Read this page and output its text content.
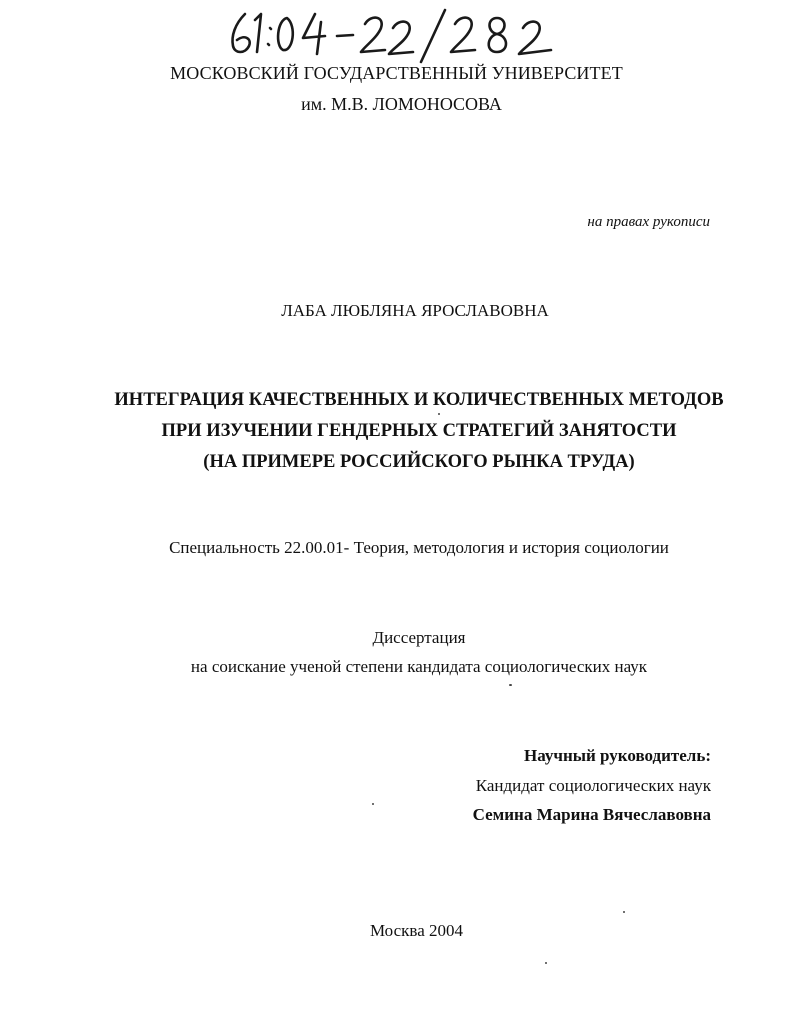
МОСКОВСКИЙ ГОСУДАРСТВЕННЫЙ УНИВЕРСИТЕТ
им. М.В. ЛОМОНОСОВА
на правах рукописи
ЛАБА ЛЮБЛЯНА ЯРОСЛАВОВНА
ИНТЕГРАЦИЯ КАЧЕСТВЕННЫХ И КОЛИЧЕСТВЕННЫХ МЕТОДОВ
ПРИ ИЗУЧЕНИИ ГЕНДЕРНЫХ СТРАТЕГИЙ ЗАНЯТОСТИ
(НА ПРИМЕРЕ РОССИЙСКОГО РЫНКА ТРУДА)
Специальность 22.00.01- Теория, методология и история социологии
Диссертация
на соискание ученой степени кандидата социологических наук
Научный руководитель:
Кандидат социологических наук
Семина Марина Вячеславовна
Москва 2004
